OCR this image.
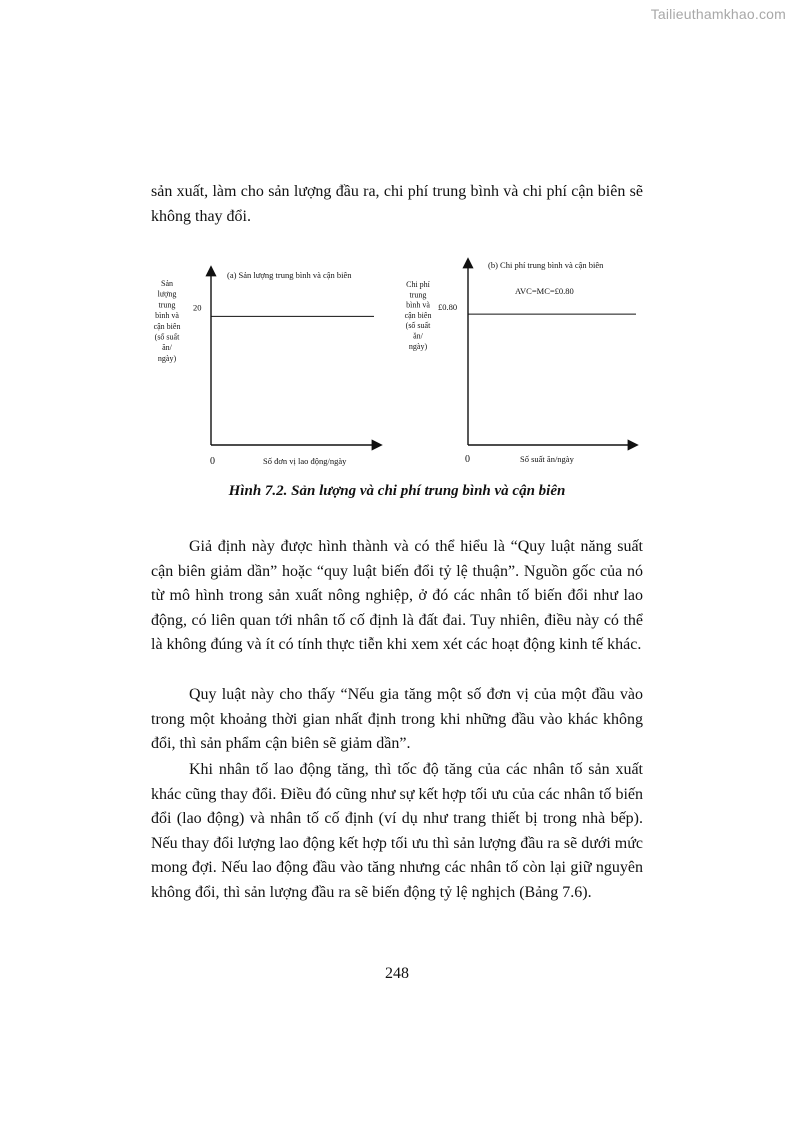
Tailieuthamkhao.com

sản xuất, làm cho sản lượng đầu ra, chi phí trung bình và chi phí cận biên sẽ không thay đổi.

(a) Sản lượng trung bình và cận biên
Sản lượng trung bình và cận biên (số suất ăn/ ngày)
20
0	Số đơn vị lao động/ngày
(b) Chi phí trung bình và cận biên
Chi phí trung bình và cận biên (số suất ăn/ ngày)
£0.80
AVC=MC=£0.80
0	Số suất ăn/ngày
Hình 7.2. Sản lượng và chi phí trung bình và cận biên

Giả định này được hình thành và có thể hiểu là “Quy luật năng suất cận biên giảm dần” hoặc “quy luật biến đổi tỷ lệ thuận”. Nguồn gốc của nó từ mô hình trong sản xuất nông nghiệp, ở đó các nhân tố biến đổi như lao động, có liên quan tới nhân tố cố định là đất đai. Tuy nhiên, điều này có thể là không đúng và ít có tính thực tiễn khi xem xét các hoạt động kinh tế khác.

Quy luật này cho thấy “Nếu gia tăng một số đơn vị của một đầu vào trong một khoảng thời gian nhất định trong khi những đầu vào khác không đổi, thì sản phẩm cận biên sẽ giảm dần”.

Khi nhân tố lao động tăng, thì tốc độ tăng của các nhân tố sản xuất khác cũng thay đổi. Điều đó cũng như sự kết hợp tối ưu của các nhân tố biến đổi (lao động) và nhân tố cố định (ví dụ như trang thiết bị trong nhà bếp). Nếu thay đổi lượng lao động kết hợp tối ưu thì sản lượng đầu ra sẽ dưới mức mong đợi. Nếu lao động đầu vào tăng nhưng các nhân tố còn lại giữ nguyên không đổi, thì sản lượng đầu ra sẽ biến động tỷ lệ nghịch (Bảng 7.6).

248
